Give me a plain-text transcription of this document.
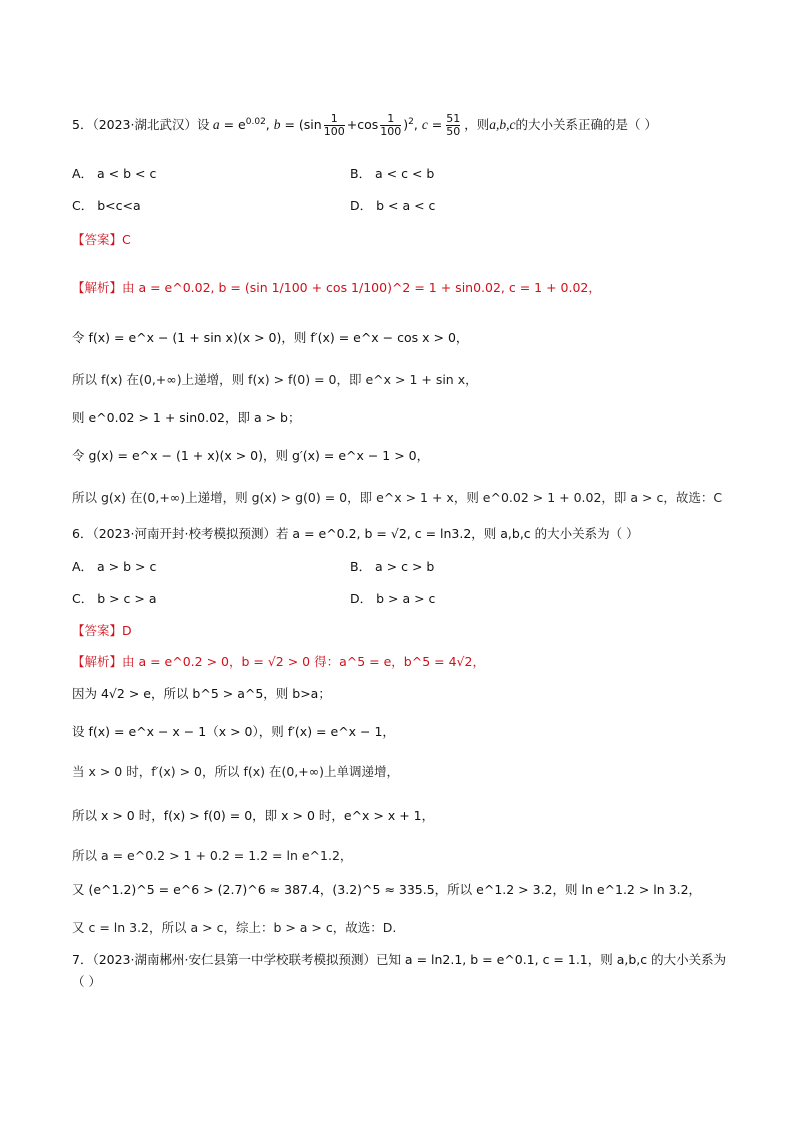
5．（2023·湖北武汉）设 $a = e^{0.02}$, $b = (\sin \frac{1}{100} +\cos \frac{1}{100} )^2$, $c = \frac{51}{50}$ ，则a,b,c的大小关系正确的是（ ）
A． a < b < c	B． a < c < b
C． b<c<a	D． b < a < c
【答案】C
【解析】由 a = e^0.02, b = (sin 1/100 + cos 1/100)^2 = 1 + sin0.02, c = 1 + 0.02，
令 f(x) = e^x − (1 + sin x)(x > 0)，则 f′(x) = e^x − cos x > 0，
所以 f(x) 在(0,+∞)上递增，则 f(x) > f(0) = 0，即 e^x > 1 + sin x，
则 e^0.02 > 1 + sin0.02，即 a > b；
令 g(x) = e^x − (1 + x)(x > 0)，则 g′(x) = e^x − 1 > 0，
所以 g(x) 在(0,+∞)上递增，则 g(x) > g(0) = 0，即 e^x > 1 + x，则 e^0.02 > 1 + 0.02，即 a > c，故选：C
6．（2023·河南开封·校考模拟预测）若 a = e^0.2, b = √2, c = ln3.2，则 a,b,c 的大小关系为（ ）
A． a > b > c	B． a > c > b
C． b > c > a	D． b > a > c
【答案】D
【解析】由 a = e^0.2 > 0，b = √2 > 0 得：a^5 = e，b^5 = 4√2，
因为 4√2 > e，所以 b^5 > a^5，则 b>a；
设 f(x) = e^x − x − 1（x > 0），则 f′(x) = e^x − 1，
当 x > 0 时，f′(x) > 0，所以 f(x) 在(0,+∞)上单调递增，
所以 x > 0 时，f(x) > f(0) = 0，即 x > 0 时，e^x > x + 1，
所以 a = e^0.2 > 1 + 0.2 = 1.2 = ln e^1.2，
又 (e^1.2)^5 = e^6 > (2.7)^6 ≈ 387.4，(3.2)^5 ≈ 335.5，所以 e^1.2 > 3.2，则 ln e^1.2 > ln 3.2，
又 c = ln 3.2，所以 a > c，综上：b > a > c，故选：D.
7．（2023·湖南郴州·安仁县第一中学校联考模拟预测）已知 a = ln2.1, b = e^0.1, c = 1.1，则 a,b,c 的大小关系为
（ ）
